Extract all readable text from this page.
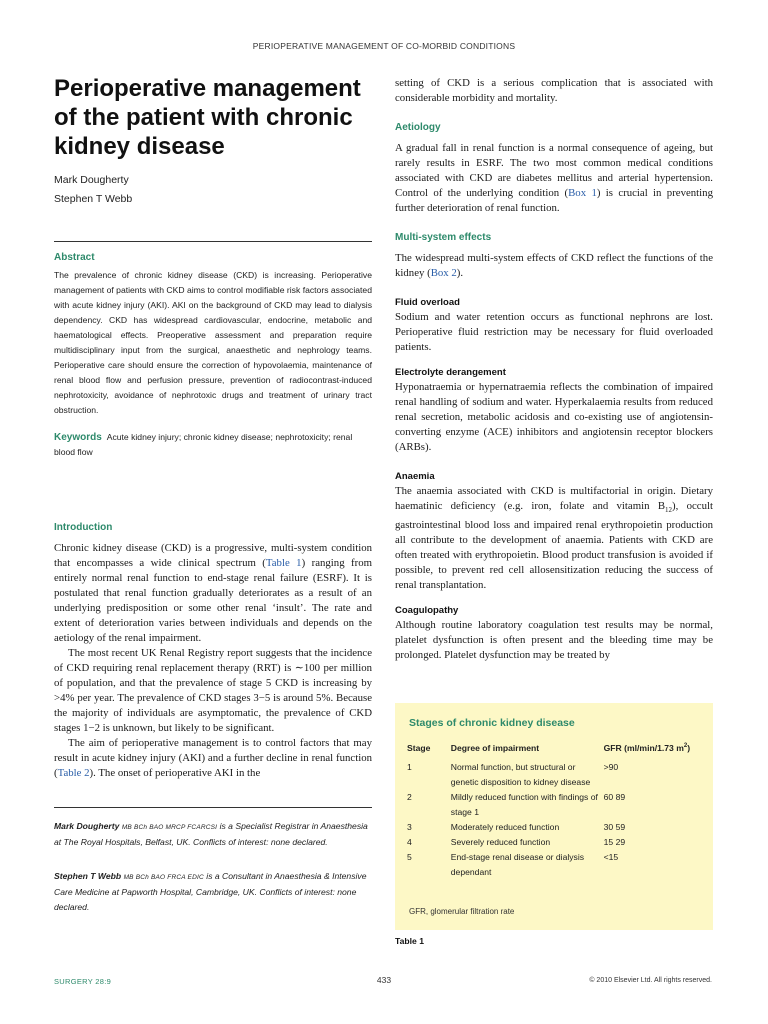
PERIOPERATIVE MANAGEMENT OF CO-MORBID CONDITIONS
Perioperative management of the patient with chronic kidney disease
Mark Dougherty
Stephen T Webb
Abstract

The prevalence of chronic kidney disease (CKD) is increasing. Perioperative management of patients with CKD aims to control modifiable risk factors associated with acute kidney injury (AKI). AKI on the background of CKD may lead to dialysis dependency. CKD has widespread cardiovascular, endocrine, metabolic and haematological effects. Preoperative assessment and preparation require multidisciplinary input from the surgical, anaesthetic and nephrology teams. Perioperative care should ensure the correction of hypovolaemia, maintenance of renal blood flow and perfusion pressure, prevention of radiocontrast-induced nephrotoxicity, avoidance of nephrotoxic drugs and treatment of urinary tract obstruction.

Keywords Acute kidney injury; chronic kidney disease; nephrotoxicity; renal blood flow
Introduction

Chronic kidney disease (CKD) is a progressive, multi-system condition that encompasses a wide clinical spectrum (Table 1) ranging from entirely normal renal function to end-stage renal failure (ESRF). It is postulated that renal function gradually deteriorates as a result of an underlying predisposition or some other renal ‘insult’. The rate and extent of deterioration varies between individuals and depends on the aetiology of the renal impairment.

The most recent UK Renal Registry report suggests that the incidence of CKD requiring renal replacement therapy (RRT) is ∼100 per million of population, and that the prevalence of stage 5 CKD is increasing by >4% per year. The prevalence of CKD stages 3−5 is around 5%. Because the majority of individuals are asymptomatic, the prevalence of CKD stages 1−2 is unknown, but likely to be significant.

The aim of perioperative management is to control factors that may result in acute kidney injury (AKI) and a further decline in renal function (Table 2). The onset of perioperative AKI in the

Mark Dougherty MB BCh BAO MRCP FCARCSI is a Specialist Registrar in Anaesthesia at The Royal Hospitals, Belfast, UK. Conflicts of interest: none declared.

Stephen T Webb MB BCh BAO FRCA EDIC is a Consultant in Anaesthesia & Intensive Care Medicine at Papworth Hospital, Cambridge, UK. Conflicts of interest: none declared.

setting of CKD is a serious complication that is associated with considerable morbidity and mortality.

Aetiology

A gradual fall in renal function is a normal consequence of ageing, but rarely results in ESRF. The two most common medical conditions associated with CKD are diabetes mellitus and arterial hypertension. Control of the underlying condition (Box 1) is crucial in preventing further deterioration of renal function.

Multi-system effects

The widespread multi-system effects of CKD reflect the functions of the kidney (Box 2).

Fluid overload

Sodium and water retention occurs as functional nephrons are lost. Perioperative fluid restriction may be necessary for fluid overloaded patients.

Electrolyte derangement

Hyponatraemia or hypernatraemia reflects the combination of impaired renal handling of sodium and water. Hyperkalaemia results from reduced renal secretion, metabolic acidosis and co-existing use of angiotensin-converting enzyme (ACE) inhibitors and angiotensin receptor blockers (ARBs).

Anaemia

The anaemia associated with CKD is multifactorial in origin. Dietary haematinic deficiency (e.g. iron, folate and vitamin $B_{12}$), occult gastrointestinal blood loss and impaired renal erythropoietin production all contribute to the development of anaemia. Patients with CKD are often treated with erythropoietin. Blood product transfusion is avoided if possible, to prevent red cell allosensitization reducing the success of renal transplantation.

Coagulopathy

Although routine laboratory coagulation test results may be normal, platelet dysfunction is often present and the bleeding time may be prolonged. Platelet dysfunction may be treated by

Stages of chronic kidney disease
Stage	Degree of impairment	GFR (ml/min/1.73 $m^2$)
1	Normal function, but structural or genetic disposition to kidney disease	>90
2	Mildly reduced function with findings of stage 1	60 89
3	Moderately reduced function	30 59
4	Severely reduced function	15 29
5	End-stage renal disease or dialysis dependant	<15
GFR, glomerular filtration rate
Table 1
SURGERY 28:9	433	© 2010 Elsevier Ltd. All rights reserved.
